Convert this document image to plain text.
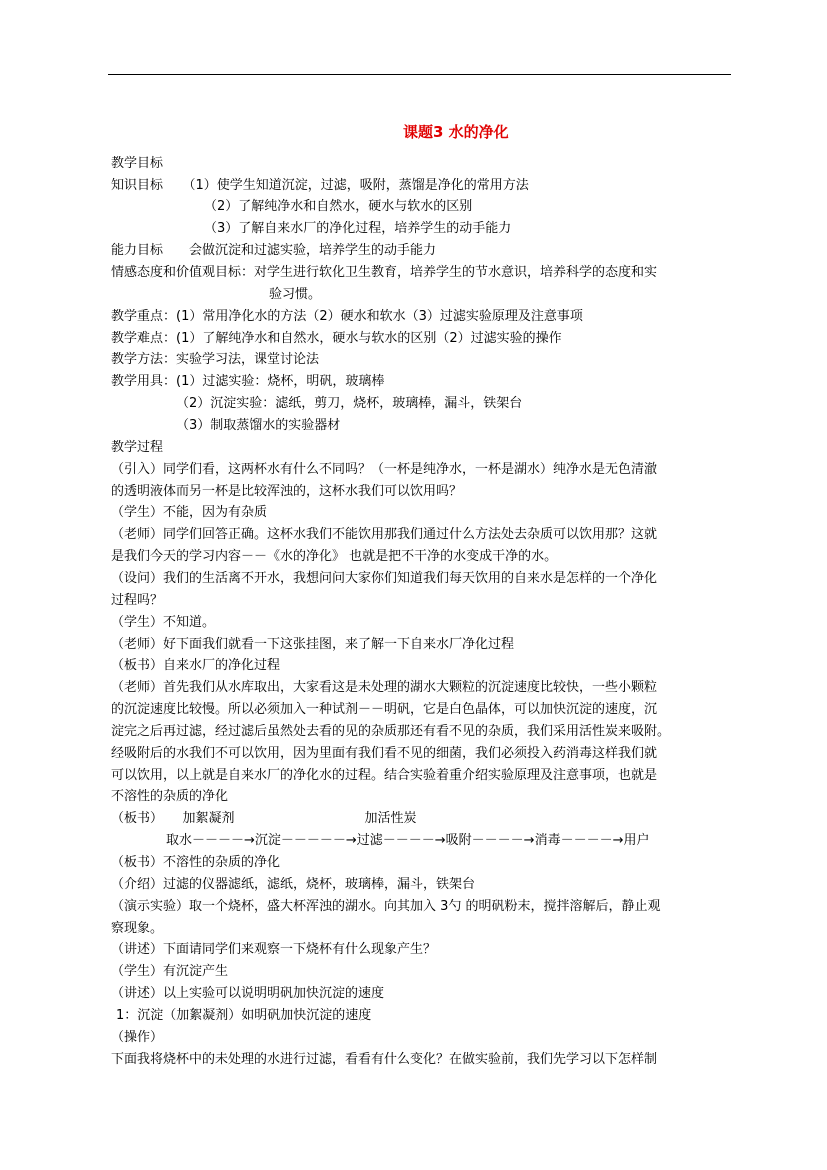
课题3 水的净化
教学目标
知识目标　　（1）使学生知道沉淀，过滤，吸附，蒸馏是净化的常用方法
（2）了解纯净水和自然水，硬水与软水的区别
（3）了解自来水厂的净化过程，培养学生的动手能力
能力目标　　会做沉淀和过滤实验，培养学生的动手能力
情感态度和价值观目标：对学生进行软化卫生教育，培养学生的节水意识，培养科学的态度和实
验习惯。
教学重点：(1）常用净化水的方法（2）硬水和软水（3）过滤实验原理及注意事项
教学难点：(1）了解纯净水和自然水，硬水与软水的区别（2）过滤实验的操作
教学方法：实验学习法，课堂讨论法
教学用具：(1）过滤实验：烧杯，明矾，玻璃棒
（2）沉淀实验：滤纸，剪刀，烧杯，玻璃棒，漏斗，铁架台
（3）制取蒸馏水的实验器材
教学过程
（引入）同学们看，这两杯水有什么不同吗？（一杯是纯净水，一杯是湖水）纯净水是无色清澈
的透明液体而另一杯是比较浑浊的，这杯水我们可以饮用吗？
（学生）不能，因为有杂质
（老师）同学们回答正确。这杯水我们不能饮用那我们通过什么方法处去杂质可以饮用那？这就
是我们今天的学习内容－－《水的净化》 也就是把不干净的水变成干净的水。
（设问）我们的生活离不开水，我想问问大家你们知道我们每天饮用的自来水是怎样的一个净化
过程吗？
（学生）不知道。
（老师）好下面我们就看一下这张挂图，来了解一下自来水厂净化过程
（板书）自来水厂的净化过程
（老师）首先我们从水库取出，大家看这是未处理的湖水大颗粒的沉淀速度比较快，一些小颗粒
的沉淀速度比较慢。所以必须加入一种试剂－－明矾，它是白色晶体，可以加快沉淀的速度，沉
淀完之后再过滤，经过滤后虽然处去看的见的杂质那还有看不见的杂质，我们采用活性炭来吸附。
经吸附后的水我们不可以饮用，因为里面有我们看不见的细菌，我们必须投入药消毒这样我们就
可以饮用，以上就是自来水厂的净化水的过程。结合实验着重介绍实验原理及注意事项，也就是
不溶性的杂质的净化
（板书）　　加絮凝剂　　　　　　　　　　加活性炭
取水－－－－→沉淀－－－－－→过滤－－－－→吸附－－－－→消毒－－－－→用户
（板书）不溶性的杂质的净化
（介绍）过滤的仪器滤纸，滤纸，烧杯，玻璃棒，漏斗，铁架台
（演示实验）取一个烧杯，盛大杯浑浊的湖水。向其加入 3勺 的明矾粉末，搅拌溶解后，静止观
察现象。
（讲述）下面请同学们来观察一下烧杯有什么现象产生？
（学生）有沉淀产生
（讲述）以上实验可以说明明矾加快沉淀的速度
1：沉淀（加絮凝剂）如明矾加快沉淀的速度
（操作）
下面我将烧杯中的未处理的水进行过滤，看看有什么变化？在做实验前，我们先学习以下怎样制
